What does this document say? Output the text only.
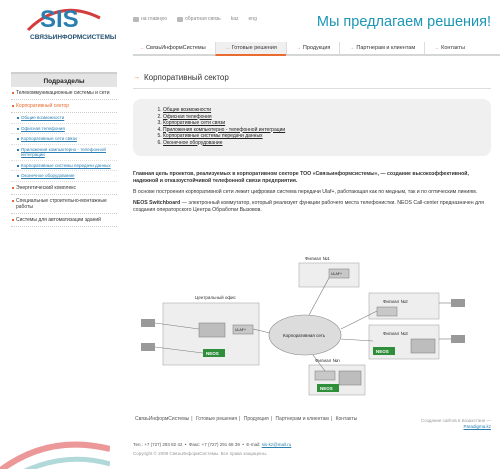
SIS
СВЯЗЬИНФОРМСИСТЕМЫ
на главную	обратная связь kaz eng	Мы предлагаем решения!
→ СвязьИнформСистемы	→ Готовые решения	→ Продукция	→ Партнерам и клиентам	→ Контакты
Подразделы
Телекоммуникационные системы и сети
Корпоративный сектор
Общие возможности
Офисная телефония
Корпоративные сети связи
Приложения компьютерно - телефонной интеграции
Корпоративные системы передачи данных
Оконечное оборудование
Энергетический комплекс
Специальные строительно-монтажные работы
Системы для автоматизации зданий
→ Корпоративный сектор
1. Общие возможности
2. Офисная телефония
3. Корпоративные сети связи
4. Приложения компьютерно - телефонной интеграции
5. Корпоративные системы передачи данных
6. Оконечное оборудование

Главная цель проектов, реализуемых в корпоративном секторе ТОО «Связьинформсистемы», — создание высокоэффективной, надежной и отказоустойчивой телефонной связи предприятия.

В основе построения корпоративной сети лежит цифровая система передачи Ulaf+, работающая как по медным, так и по оптическим линиям.

NEOS Switchboard — электронный коммутатор, который реализует функции рабочего места телефонистки. NEOS Call-center предназначен для создания операторского Центра Обработки Вызовов.

Филиал №1
ULAF+
Центральный офис
ULAF+
NEOS
Корпоративная сеть
Филиал №2
Филиал №3
NEOS
Филиал №n
NEOS
СвязьИнформСистемы | Готовые решения | Продукция | Партнерам и клиентам | Контакты	Создание сайтов в Казахстане —
Paradigma.kz
Тел.: +7 (727) 293 82 42  •  Факс: +7 (727) 291 68 39  •  E-mail: sis-kz@mail.ru
Copyright © 2009 СвязьИнформСистемы. Все права защищены.
